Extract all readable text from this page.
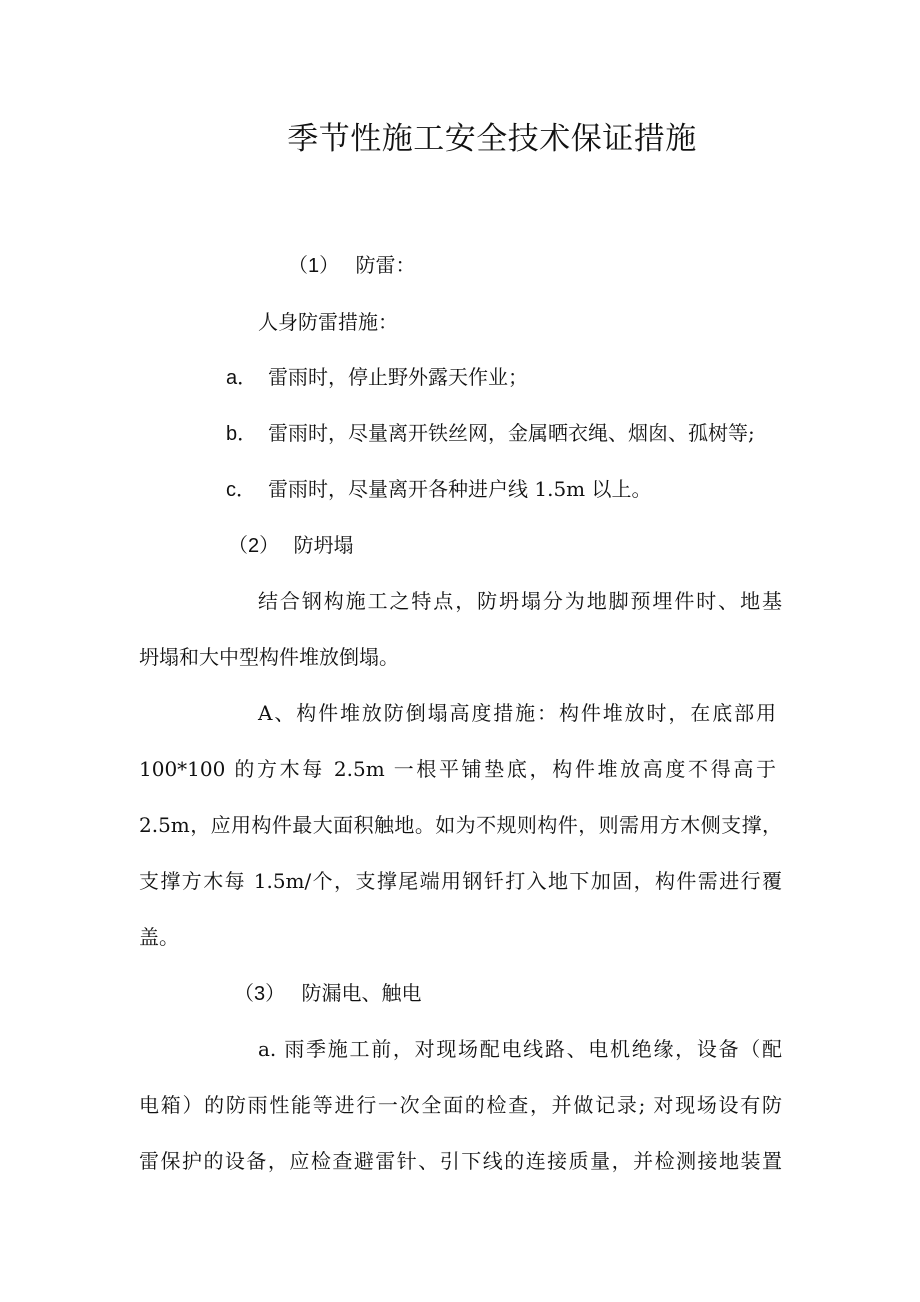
季节性施工安全技术保证措施
（1） 防雷：
人身防雷措施：
a． 雷雨时，停止野外露天作业；
b． 雷雨时，尽量离开铁丝网，金属晒衣绳、烟囱、孤树等;
c． 雷雨时，尽量离开各种进户线 1.5m 以上。
（2） 防坍塌
结合钢构施工之特点，防坍塌分为地脚预埋件时、地基
坍塌和大中型构件堆放倒塌。
A、构件堆放防倒塌高度措施：构件堆放时，在底部用
100*100 的方木每 2.5m 一根平铺垫底，构件堆放高度不得高于
2.5m，应用构件最大面积触地。如为不规则构件，则需用方木侧支撑，
支撑方木每 1.5m/个，支撑尾端用钢钎打入地下加固，构件需进行覆
盖。
（3） 防漏电、触电
a. 雨季施工前，对现场配电线路、电机绝缘，设备（配
电箱）的防雨性能等进行一次全面的检查，并做记录; 对现场设有防
雷保护的设备，应检查避雷针、引下线的连接质量，并检测接地装置
